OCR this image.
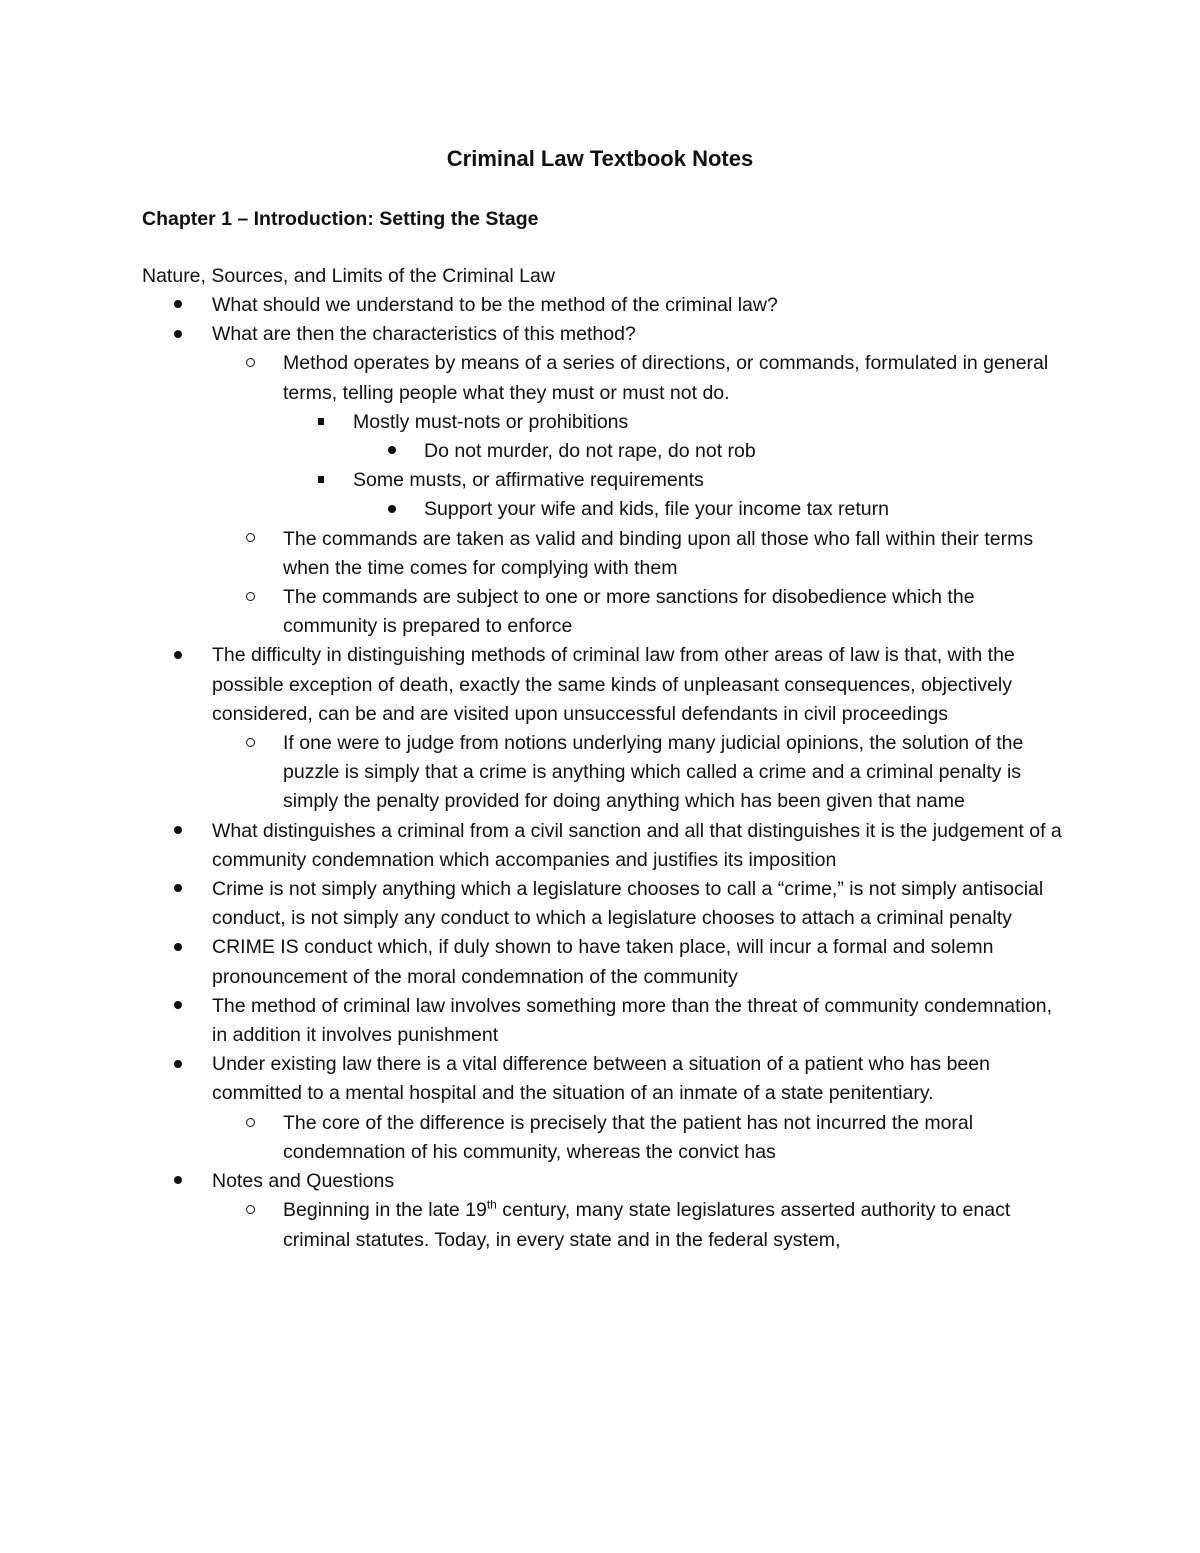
Criminal Law Textbook Notes
Chapter 1 – Introduction: Setting the Stage

Nature, Sources, and Limits of the Criminal Law

What should we understand to be the method of the criminal law?
What are then the characteristics of this method?
Method operates by means of a series of directions, or commands, formulated in general terms, telling people what they must or must not do.
Mostly must-nots or prohibitions
Do not murder, do not rape, do not rob
Some musts, or affirmative requirements
Support your wife and kids, file your income tax return
The commands are taken as valid and binding upon all those who fall within their terms when the time comes for complying with them
The commands are subject to one or more sanctions for disobedience which the community is prepared to enforce
The difficulty in distinguishing methods of criminal law from other areas of law is that, with the possible exception of death, exactly the same kinds of unpleasant consequences, objectively considered, can be and are visited upon unsuccessful defendants in civil proceedings
If one were to judge from notions underlying many judicial opinions, the solution of the puzzle is simply that a crime is anything which called a crime and a criminal penalty is simply the penalty provided for doing anything which has been given that name
What distinguishes a criminal from a civil sanction and all that distinguishes it is the judgement of a community condemnation which accompanies and justifies its imposition
Crime is not simply anything which a legislature chooses to call a “crime,” is not simply antisocial conduct, is not simply any conduct to which a legislature chooses to attach a criminal penalty
CRIME IS conduct which, if duly shown to have taken place, will incur a formal and solemn pronouncement of the moral condemnation of the community
The method of criminal law involves something more than the threat of community condemnation, in addition it involves punishment
Under existing law there is a vital difference between a situation of a patient who has been committed to a mental hospital and the situation of an inmate of a state penitentiary.
The core of the difference is precisely that the patient has not incurred the moral condemnation of his community, whereas the convict has
Notes and Questions
Beginning in the late 19th century, many state legislatures asserted authority to enact criminal statutes. Today, in every state and in the federal system,
